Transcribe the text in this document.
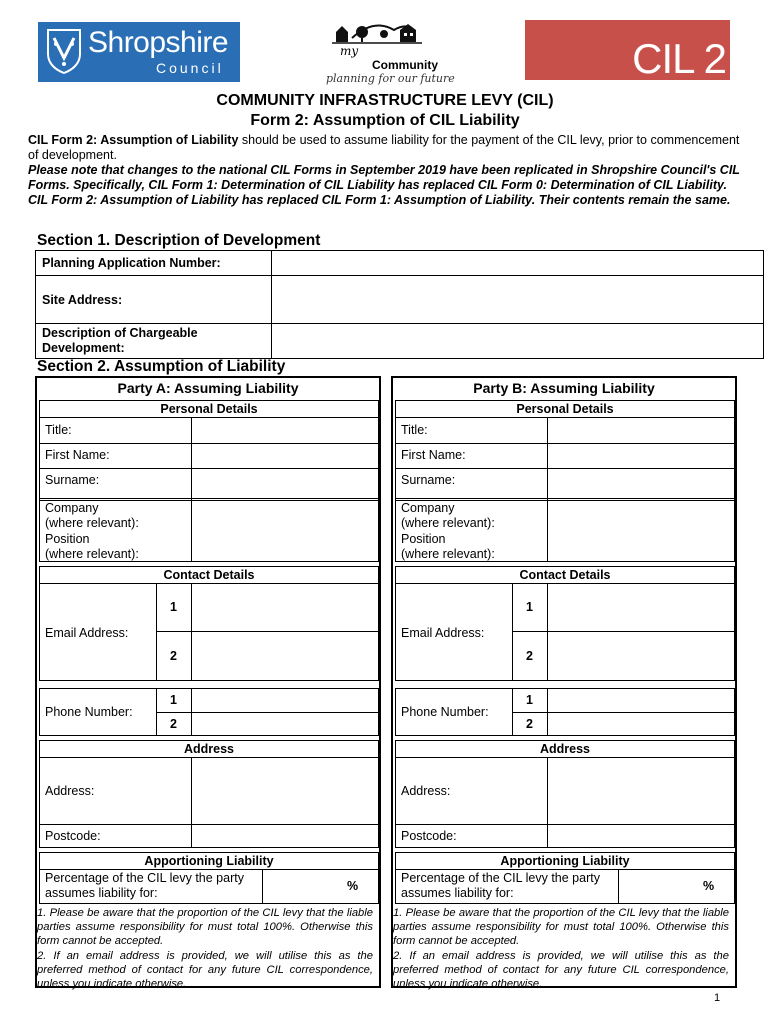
Shropshire
Council
my
Community
planning for our future	CIL 2
COMMUNITY INFRASTRUCTURE LEVY (CIL)
Form 2: Assumption of CIL Liability
CIL Form 2: Assumption of Liability should be used to assume liability for the payment of the CIL levy, prior to commencement of development.
Please note that changes to the national CIL Forms in September 2019 have been replicated in Shropshire Council's CIL Forms. Specifically, CIL Form 1: Determination of CIL Liability has replaced CIL Form 0: Determination of CIL Liability. CIL Form 2: Assumption of Liability has replaced CIL Form 1: Assumption of Liability. Their contents remain the same.
Section 1. Description of Development
Planning Application Number:	
Site Address:	
Description of Chargeable Development:	
Section 2. Assumption of Liability
Party A: Assuming Liability
Personal Details
Title:
First Name:
Surname:
Company
(where relevant):
Position
(where relevant):
Contact Details
Email Address:
1
2
Phone Number:
1
2
Address
Address:
Postcode:
Apportioning Liability
Percentage of the CIL levy the party assumes liability for:	%
1. Please be aware that the proportion of the CIL levy that the liable parties assume responsibility for must total 100%. Otherwise this form cannot be accepted.
2. If an email address is provided, we will utilise this as the preferred method of contact for any future CIL correspondence, unless you indicate otherwise.
Party B: Assuming Liability
Personal Details
Title:
First Name:
Surname:
Company
(where relevant):
Position
(where relevant):
Contact Details
Email Address:
1
2
Phone Number:
1
2
Address
Address:
Postcode:
Apportioning Liability
Percentage of the CIL levy the party assumes liability for:	%
1. Please be aware that the proportion of the CIL levy that the liable parties assume responsibility for must total 100%. Otherwise this form cannot be accepted.
2. If an email address is provided, we will utilise this as the preferred method of contact for any future CIL correspondence, unless you indicate otherwise.
1
